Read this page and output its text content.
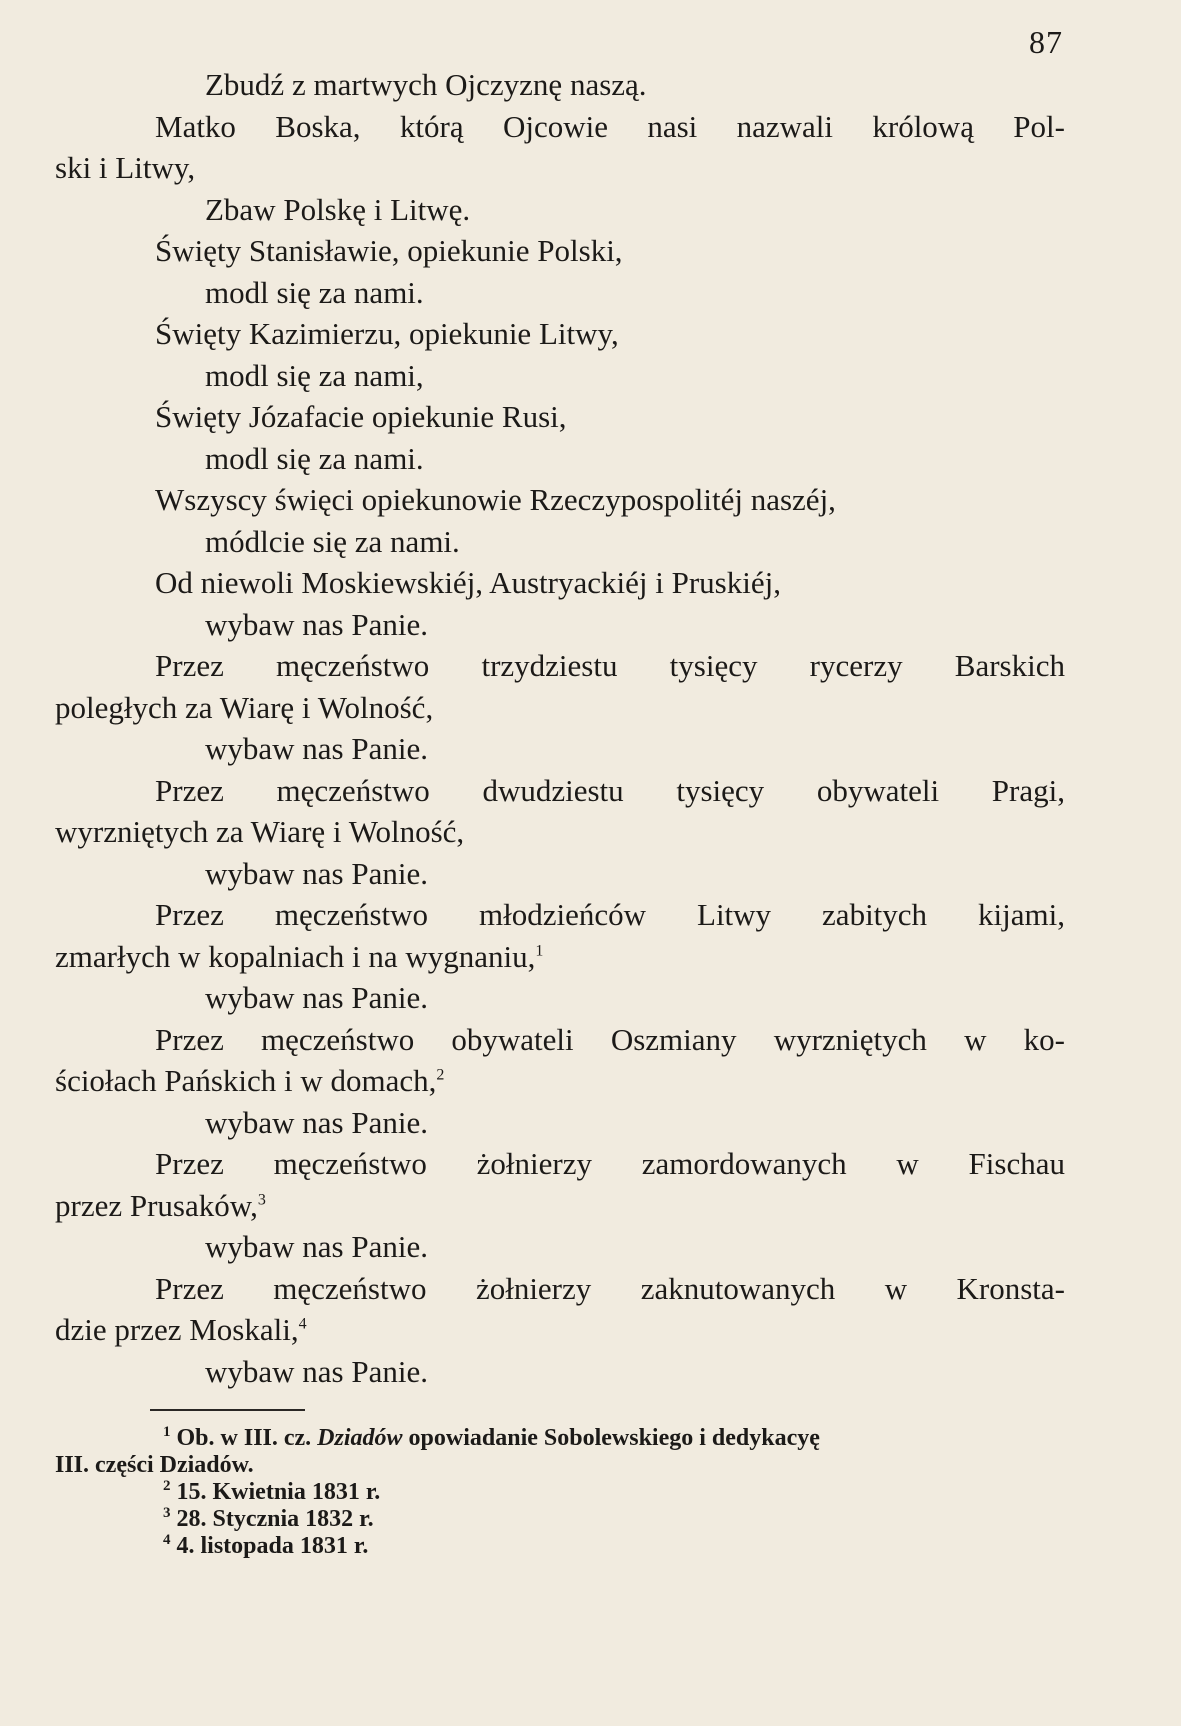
87
Zbudź z martwych Ojczyznę naszą.
Matko Boska, którą Ojcowie nasi nazwali królową Pol-
ski i Litwy,
Zbaw Polskę i Litwę.
Święty Stanisławie, opiekunie Polski,
modl się za nami.
Święty Kazimierzu, opiekunie Litwy,
modl się za nami,
Święty Józafacie opiekunie Rusi,
modl się za nami.
Wszyscy święci opiekunowie Rzeczypospolitéj naszéj,
módlcie się za nami.
Od niewoli Moskiewskiéj, Austryackiéj i Pruskiéj,
wybaw nas Panie.
Przez męczeństwo trzydziestu tysięcy rycerzy Barskich
poległych za Wiarę i Wolność,
wybaw nas Panie.
Przez męczeństwo dwudziestu tysięcy obywateli Pragi,
wyrzniętych za Wiarę i Wolność,
wybaw nas Panie.
Przez męczeństwo młodzieńców Litwy zabitych kijami,
zmarłych w kopalniach i na wygnaniu,$^1$
wybaw nas Panie.
Przez męczeństwo obywateli Oszmiany wyrzniętych w ko-
ściołach Pańskich i w domach,$^2$
wybaw nas Panie.
Przez męczeństwo żołnierzy zamordowanych w Fischau
przez Prusaków,$^3$
wybaw nas Panie.
Przez męczeństwo żołnierzy zaknutowanych w Kronsta-
dzie przez Moskali,$^4$
wybaw nas Panie.
$^1$ Ob. w III. cz. Dziadów opowiadanie Sobolewskiego i dedykacyę
III. części Dziadów.
$^2$ 15. Kwietnia 1831 r.
$^3$ 28. Stycznia 1832 r.
$^4$ 4. listopada 1831 r.
